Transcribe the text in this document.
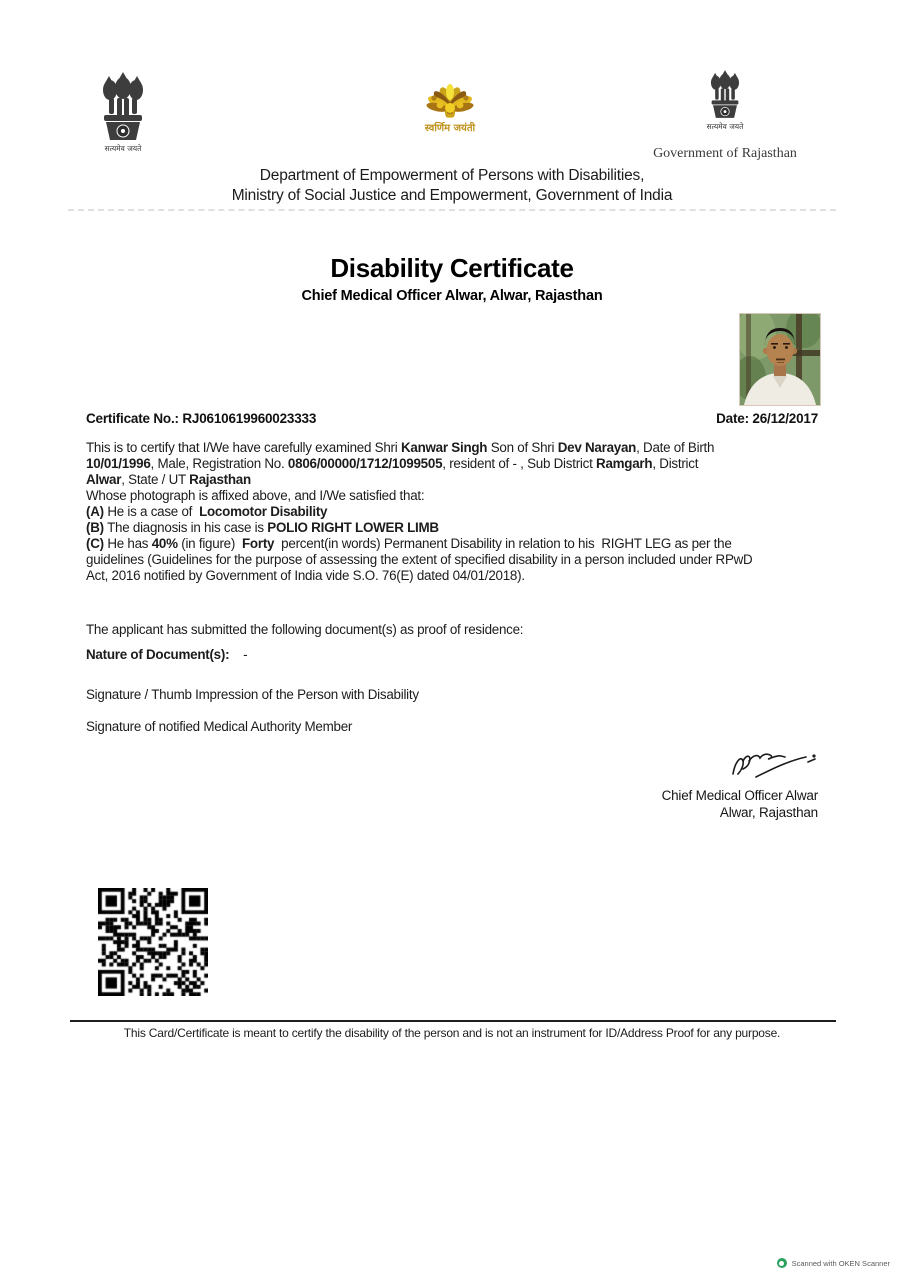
सत्यमेव जयते
स्वर्णिम जयंती	सत्यमेव जयते
Government of Rajasthan
Department of Empowerment of Persons with Disabilities,
Ministry of Social Justice and Empowerment, Government of India
Disability Certificate
Chief Medical Officer Alwar, Alwar, Rajasthan
Certificate No.: RJ0610619960023333	Date: 26/12/2017
This is to certify that I/We have carefully examined Shri Kanwar Singh Son of Shri Dev Narayan, Date of Birth
10/01/1996, Male, Registration No. 0806/00000/1712/1099505, resident of - , Sub District Ramgarh, District
Alwar, State / UT Rajasthan
Whose photograph is affixed above, and I/We satisfied that:
(A) He is a case of  Locomotor Disability
(B) The diagnosis in his case is POLIO RIGHT LOWER LIMB
(C) He has 40% (in figure)  Forty  percent(in words) Permanent Disability in relation to his  RIGHT LEG as per the
guidelines (Guidelines for the purpose of assessing the extent of specified disability in a person included under RPwD
Act, 2016 notified by Government of India vide S.O. 76(E) dated 04/01/2018).
The applicant has submitted the following document(s) as proof of residence:
Nature of Document(s):    -
Signature / Thumb Impression of the Person with Disability
Signature of notified Medical Authority Member
Chief Medical Officer Alwar
Alwar, Rajasthan
This Card/Certificate is meant to certify the disability of the person and is not an instrument for ID/Address Proof for any purpose.
Scanned with OKEN Scanner
